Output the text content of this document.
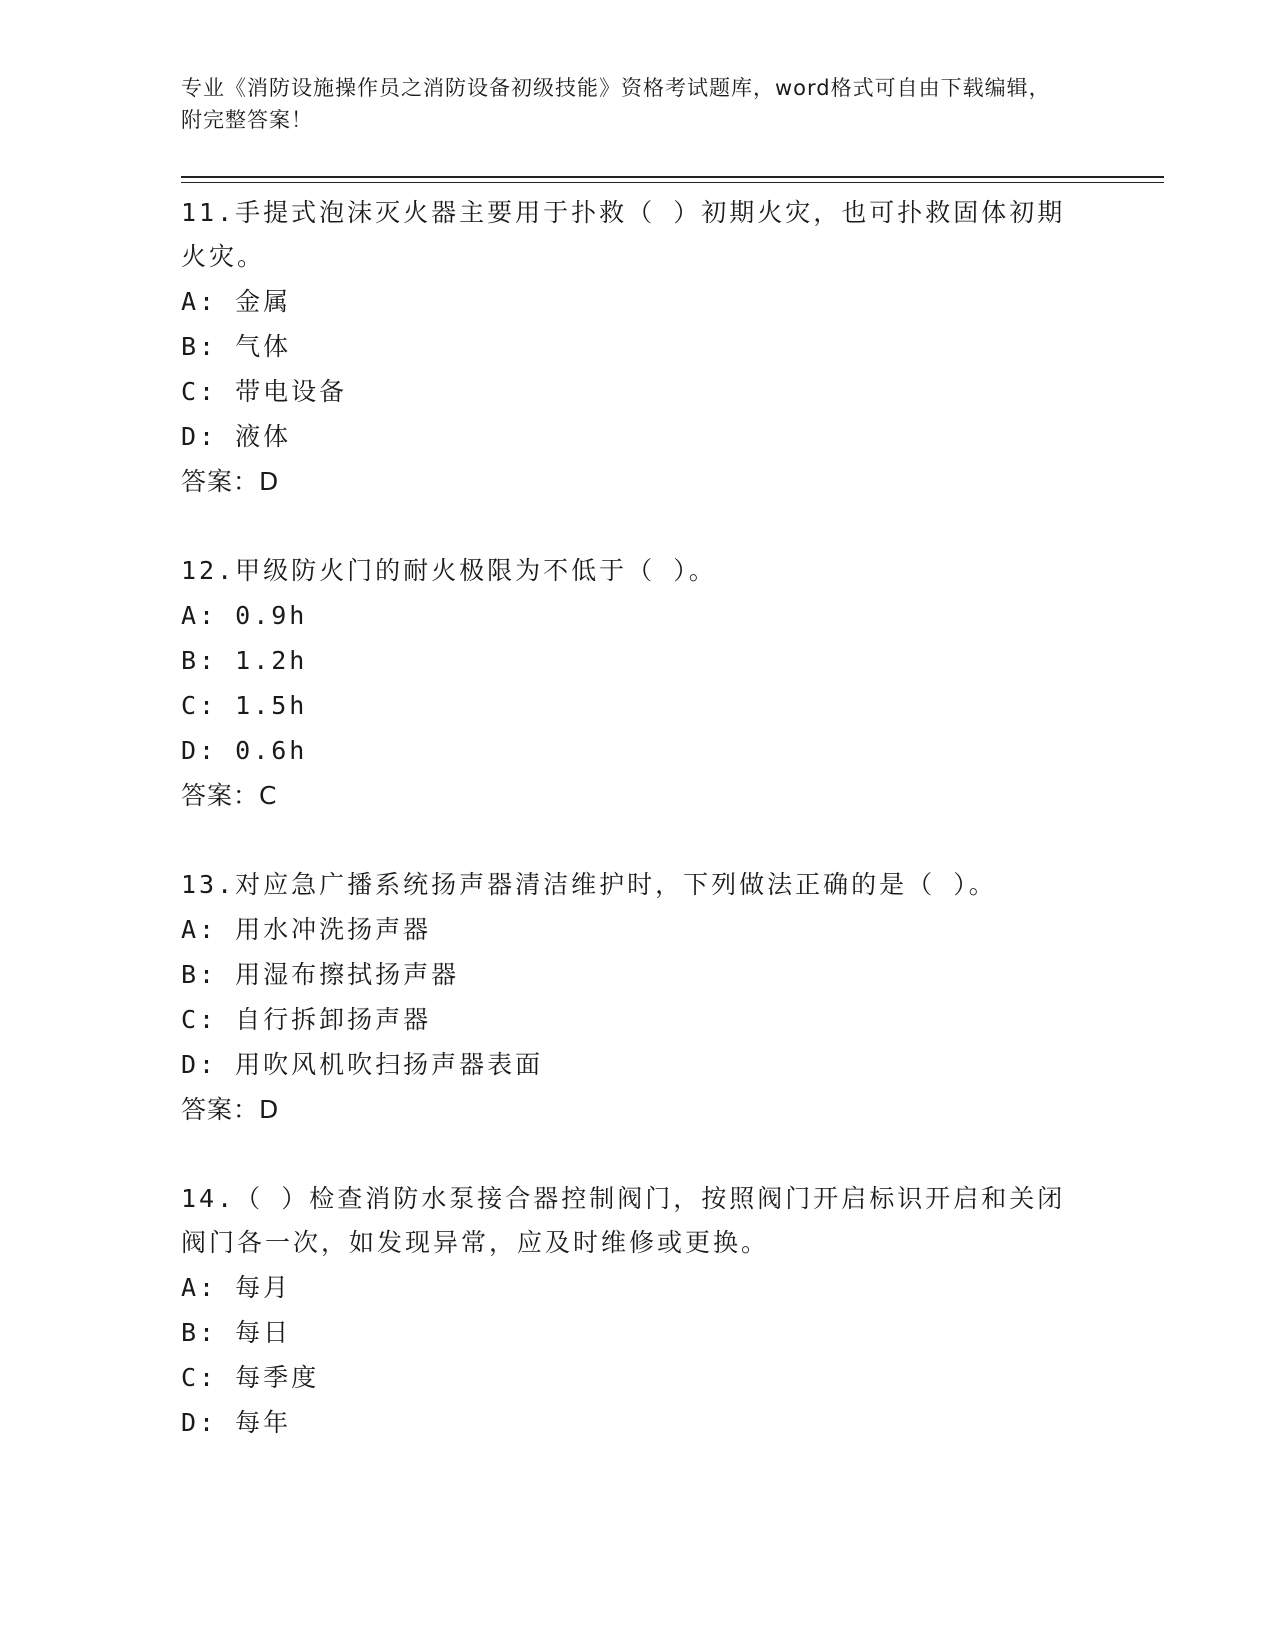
专业《消防设施操作员之消防设备初级技能》资格考试题库，word格式可自由下载编辑，附完整答案！

11.手提式泡沫灭火器主要用于扑救（ ）初期火灾，也可扑救固体初期火灾。

A: 金属

B: 气体

C: 带电设备

D: 液体

答案：D

12.甲级防火门的耐火极限为不低于（ ）。

A: 0.9h

B: 1.2h

C: 1.5h

D: 0.6h

答案：C

13.对应急广播系统扬声器清洁维护时，下列做法正确的是（ ）。

A: 用水冲洗扬声器

B: 用湿布擦拭扬声器

C: 自行拆卸扬声器

D: 用吹风机吹扫扬声器表面

答案：D

14.（ ）检查消防水泵接合器控制阀门，按照阀门开启标识开启和关闭阀门各一次，如发现异常，应及时维修或更换。

A: 每月

B: 每日

C: 每季度

D: 每年
